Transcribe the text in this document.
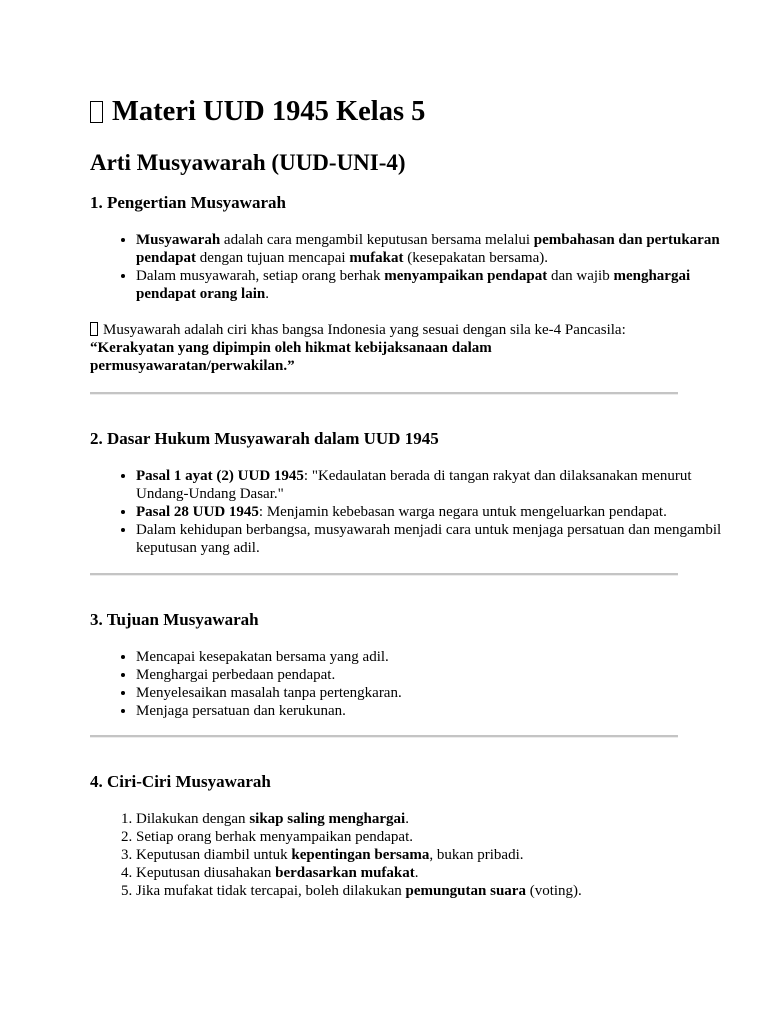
Materi UUD 1945 Kelas 5
Arti Musyawarah (UUD-UNI-4)
1. Pengertian Musyawarah
• Musyawarah adalah cara mengambil keputusan bersama melalui pembahasan dan pertukaran pendapat dengan tujuan mencapai mufakat (kesepakatan bersama).
• Dalam musyawarah, setiap orang berhak menyampaikan pendapat dan wajib menghargai pendapat orang lain.

Musyawarah adalah ciri khas bangsa Indonesia yang sesuai dengan sila ke-4 Pancasila:
“Kerakyatan yang dipimpin oleh hikmat kebijaksanaan dalam permusyawaratan/perwakilan.”

2. Dasar Hukum Musyawarah dalam UUD 1945
• Pasal 1 ayat (2) UUD 1945: "Kedaulatan berada di tangan rakyat dan dilaksanakan menurut Undang-Undang Dasar."
• Pasal 28 UUD 1945: Menjamin kebebasan warga negara untuk mengeluarkan pendapat.
• Dalam kehidupan berbangsa, musyawarah menjadi cara untuk menjaga persatuan dan mengambil keputusan yang adil.
3. Tujuan Musyawarah
• Mencapai kesepakatan bersama yang adil.
• Menghargai perbedaan pendapat.
• Menyelesaikan masalah tanpa pertengkaran.
• Menjaga persatuan dan kerukunan.
4. Ciri-Ciri Musyawarah
1. Dilakukan dengan sikap saling menghargai.
2. Setiap orang berhak menyampaikan pendapat.
3. Keputusan diambil untuk kepentingan bersama, bukan pribadi.
4. Keputusan diusahakan berdasarkan mufakat.
5. Jika mufakat tidak tercapai, boleh dilakukan pemungutan suara (voting).
